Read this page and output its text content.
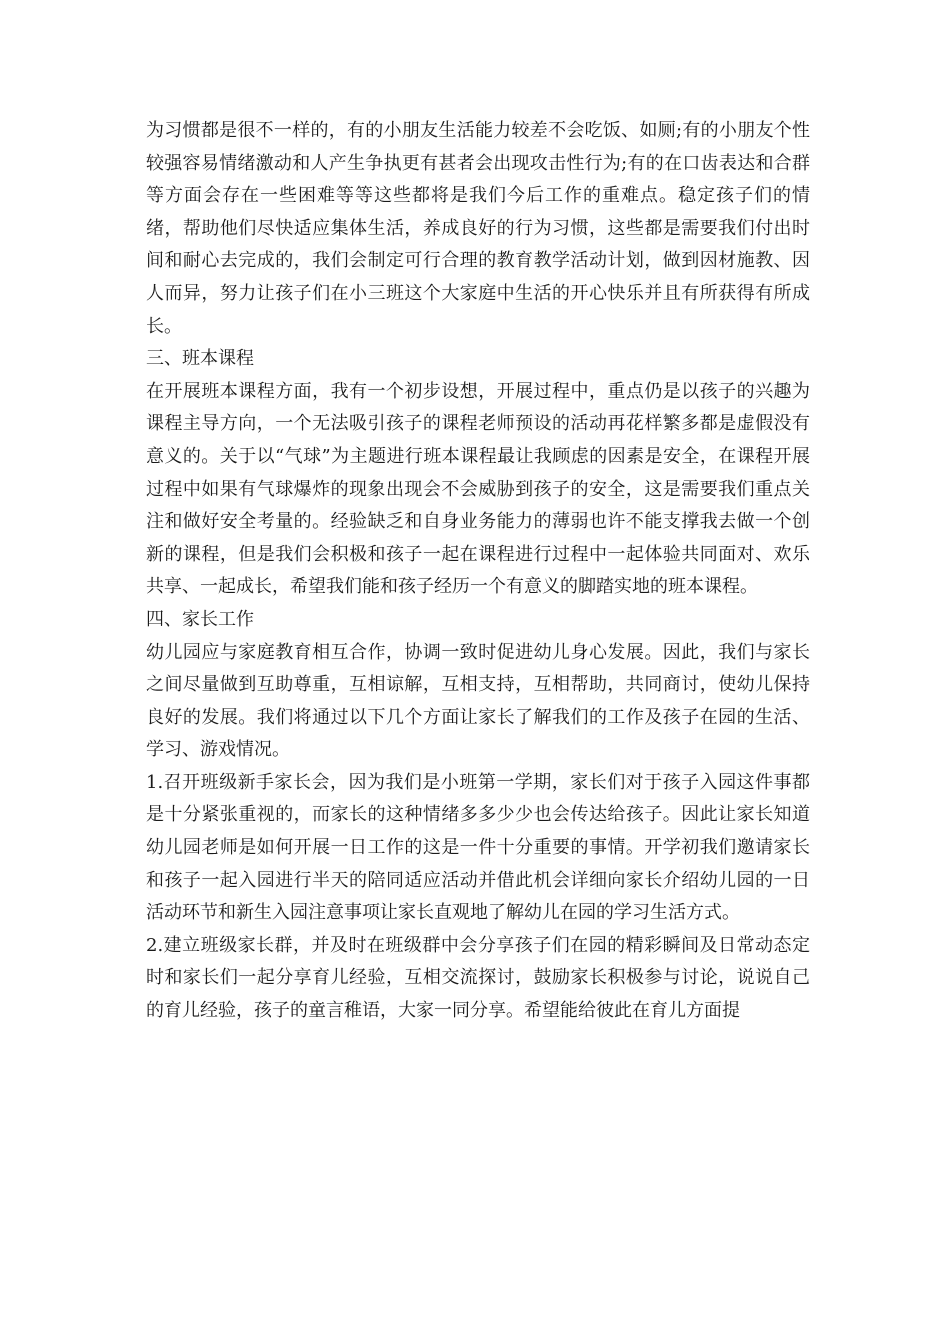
为习惯都是很不一样的，有的小朋友生活能力较差不会吃饭、如厕;有的小朋友个性较强容易情绪激动和人产生争执更有甚者会出现攻击性行为;有的在口齿表达和合群等方面会存在一些困难等等这些都将是我们今后工作的重难点。稳定孩子们的情绪，帮助他们尽快适应集体生活，养成良好的行为习惯，这些都是需要我们付出时间和耐心去完成的，我们会制定可行合理的教育教学活动计划，做到因材施教、因人而异，努力让孩子们在小三班这个大家庭中生活的开心快乐并且有所获得有所成长。

三、班本课程

在开展班本课程方面，我有一个初步设想，开展过程中，重点仍是以孩子的兴趣为课程主导方向，一个无法吸引孩子的课程老师预设的活动再花样繁多都是虚假没有意义的。关于以“气球”为主题进行班本课程最让我顾虑的因素是安全，在课程开展过程中如果有气球爆炸的现象出现会不会威胁到孩子的安全，这是需要我们重点关注和做好安全考量的。经验缺乏和自身业务能力的薄弱也许不能支撑我去做一个创新的课程，但是我们会积极和孩子一起在课程进行过程中一起体验共同面对、欢乐共享、一起成长，希望我们能和孩子经历一个有意义的脚踏实地的班本课程。

四、家长工作

幼儿园应与家庭教育相互合作，协调一致时促进幼儿身心发展。因此，我们与家长之间尽量做到互助尊重，互相谅解，互相支持，互相帮助，共同商讨，使幼儿保持良好的发展。我们将通过以下几个方面让家长了解我们的工作及孩子在园的生活、学习、游戏情况。

1.召开班级新手家长会，因为我们是小班第一学期，家长们对于孩子入园这件事都是十分紧张重视的，而家长的这种情绪多多少少也会传达给孩子。因此让家长知道幼儿园老师是如何开展一日工作的这是一件十分重要的事情。开学初我们邀请家长和孩子一起入园进行半天的陪同适应活动并借此机会详细向家长介绍幼儿园的一日活动环节和新生入园注意事项让家长直观地了解幼儿在园的学习生活方式。

2.建立班级家长群，并及时在班级群中会分享孩子们在园的精彩瞬间及日常动态定时和家长们一起分享育儿经验，互相交流探讨，鼓励家长积极参与讨论，说说自己的育儿经验，孩子的童言稚语，大家一同分享。希望能给彼此在育儿方面提
